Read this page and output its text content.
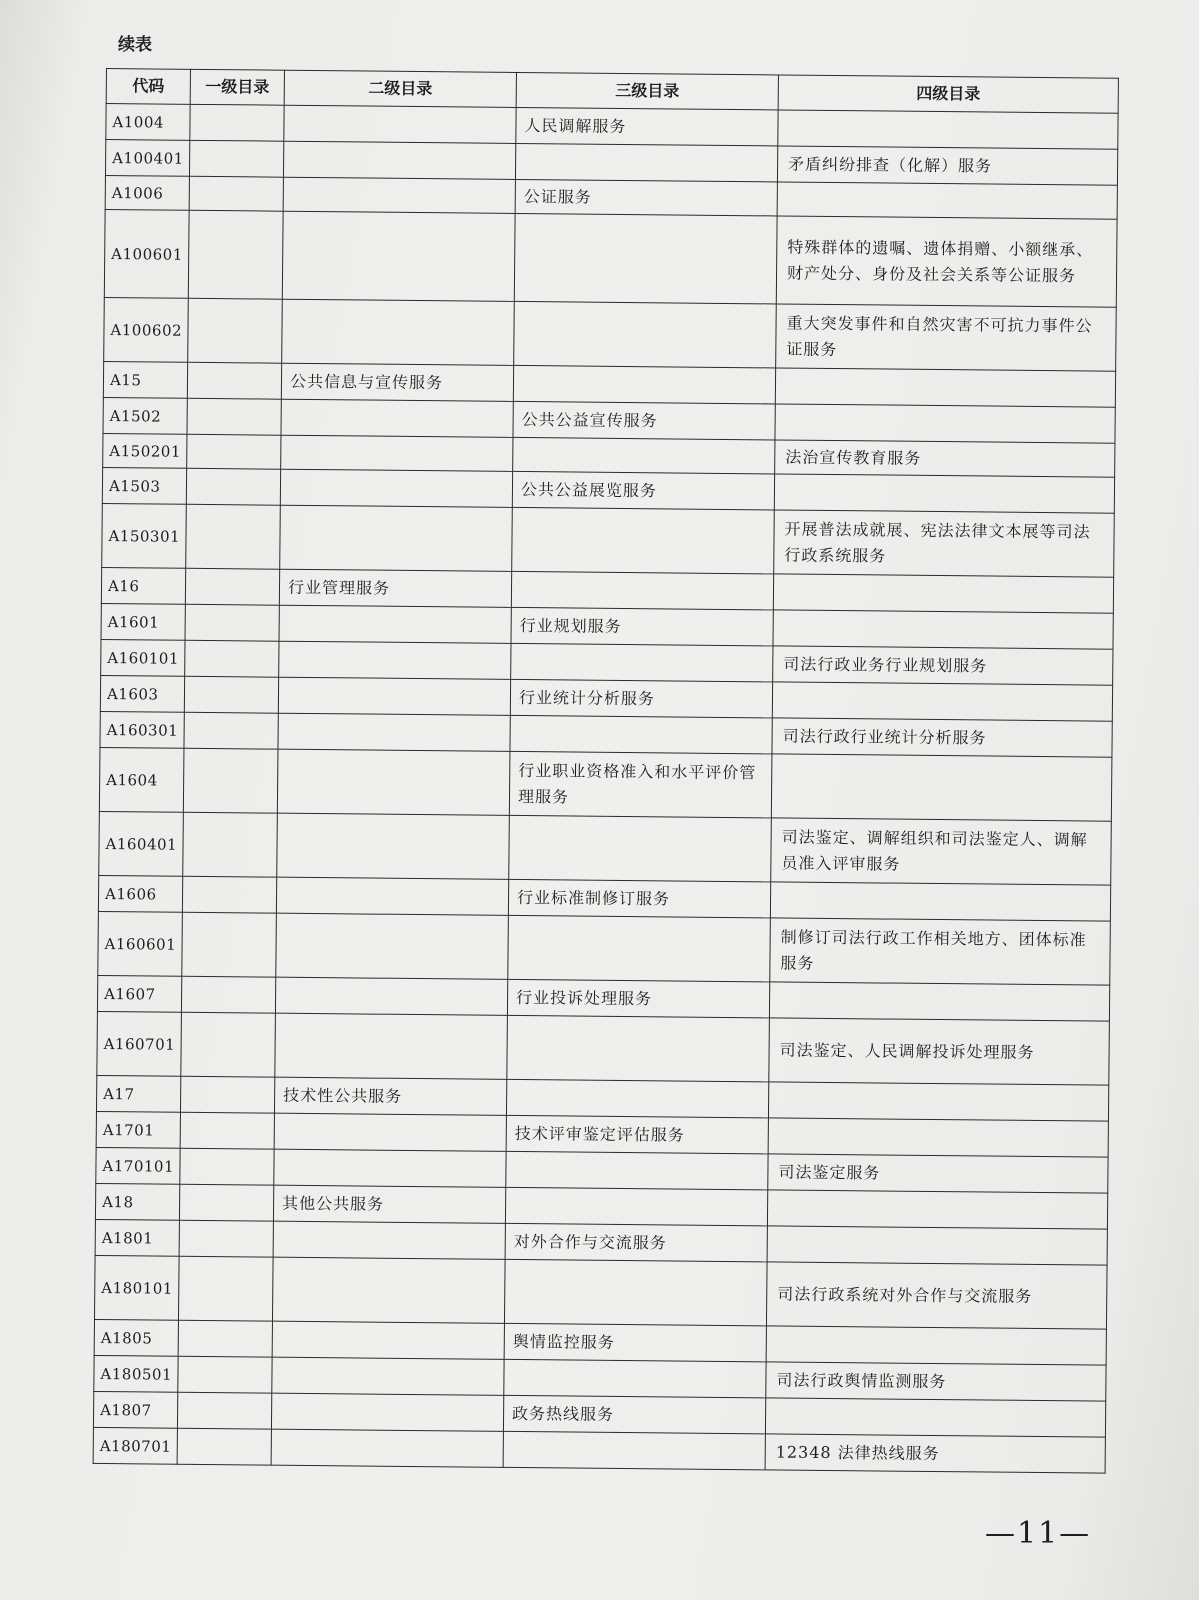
续表
代码	一级目录	二级目录	三级目录	四级目录
A1004			人民调解服务	
A100401				矛盾纠纷排查（化解）服务
A1006			公证服务	
A100601				特殊群体的遗嘱、遗体捐赠、小额继承、财产处分、身份及社会关系等公证服务
A100602				重大突发事件和自然灾害不可抗力事件公证服务
A15		公共信息与宣传服务		
A1502			公共公益宣传服务	
A150201				法治宣传教育服务
A1503			公共公益展览服务	
A150301				开展普法成就展、宪法法律文本展等司法行政系统服务
A16		行业管理服务		
A1601			行业规划服务	
A160101				司法行政业务行业规划服务
A1603			行业统计分析服务	
A160301				司法行政行业统计分析服务
A1604			行业职业资格准入和水平评价管理服务	
A160401				司法鉴定、调解组织和司法鉴定人、调解员准入评审服务
A1606			行业标准制修订服务	
A160601				制修订司法行政工作相关地方、团体标准服务
A1607			行业投诉处理服务	
A160701				司法鉴定、人民调解投诉处理服务
A17		技术性公共服务		
A1701			技术评审鉴定评估服务	
A170101				司法鉴定服务
A18		其他公共服务		
A1801			对外合作与交流服务	
A180101				司法行政系统对外合作与交流服务
A1805			舆情监控服务	
A180501				司法行政舆情监测服务
A1807			政务热线服务	
A180701				12348 法律热线服务
—11—
